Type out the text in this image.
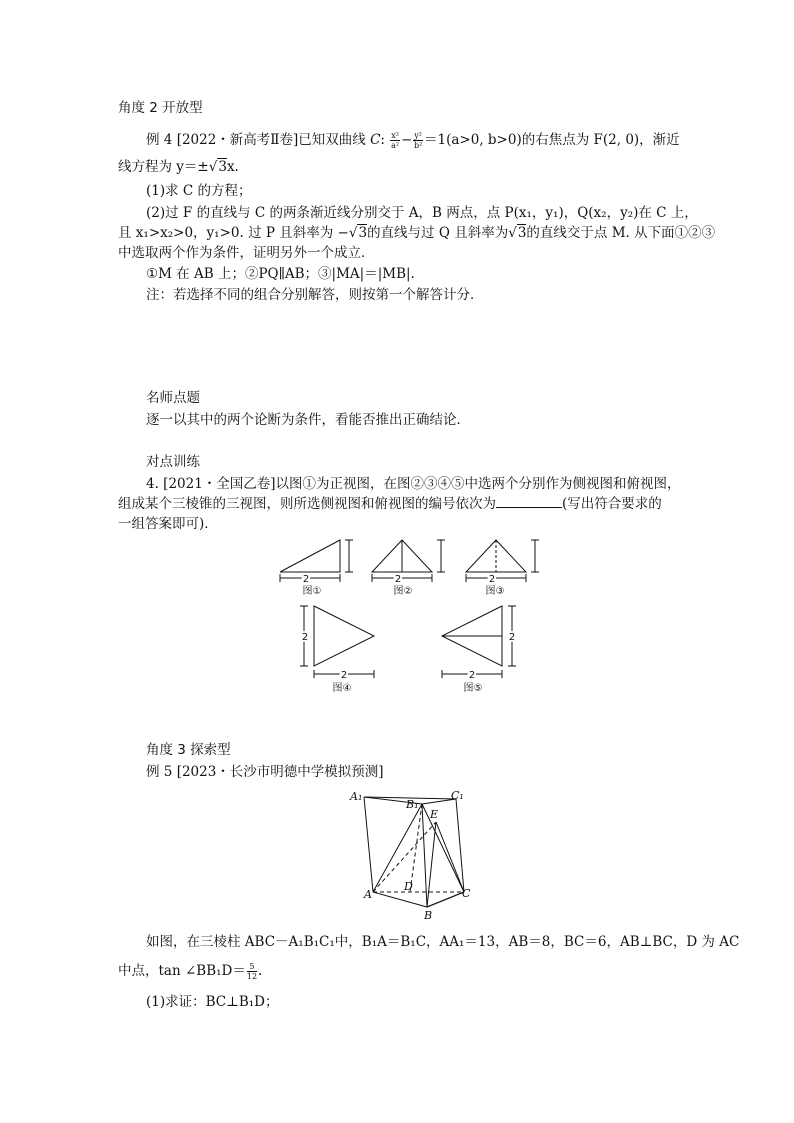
角度 2 开放型
例 4 [2022・新高考Ⅱ卷]已知双曲线 C: $\frac{\text{x²}}{\text{a²}} - \frac{\text{y²}}{\text{b²}} =1(a>0$, b>0)的右焦点为 F(2, 0)，渐近
线方程为 y＝±√3x.
(1)求 C 的方程；
(2)过 F 的直线与 C 的两条渐近线分别交于 A，B 两点，点 P(x₁，y₁)，Q(x₂，y₂)在 C 上，
且 x₁>x₂>0，y₁>0. 过 P 且斜率为 −√3的直线与过 Q 且斜率为√3的直线交于点 M. 从下面①②③
中选取两个作为条件，证明另外一个成立．
①M 在 AB 上；②PQ∥AB；③|MA|＝|MB|.
注：若选择不同的组合分别解答，则按第一个解答计分．
名师点题
逐一以其中的两个论断为条件，看能否推出正确结论．
对点训练
4. [2021・全国乙卷]以图①为正视图，在图②③④⑤中选两个分别作为侧视图和俯视图，
组成某个三棱锥的三视图，则所选侧视图和俯视图的编号依次为	(写出符合要求的
一组答案即可)．
2	2	2
2
2
2
2
图①	图②	图③
图④	图⑤
A₁
B₁
C₁
E
D
A
B
C
角度 3 探索型
例 5 [2023・长沙市明德中学模拟预测]
如图，在三棱柱 ABC－A₁B₁C₁中，B₁A＝B₁C，AA₁＝13，AB＝8，BC＝6，AB⊥BC，D 为 AC
中点，tan ∠BB₁D＝ $\frac{5}{12}$ .
(1)求证：BC⊥B₁D；
